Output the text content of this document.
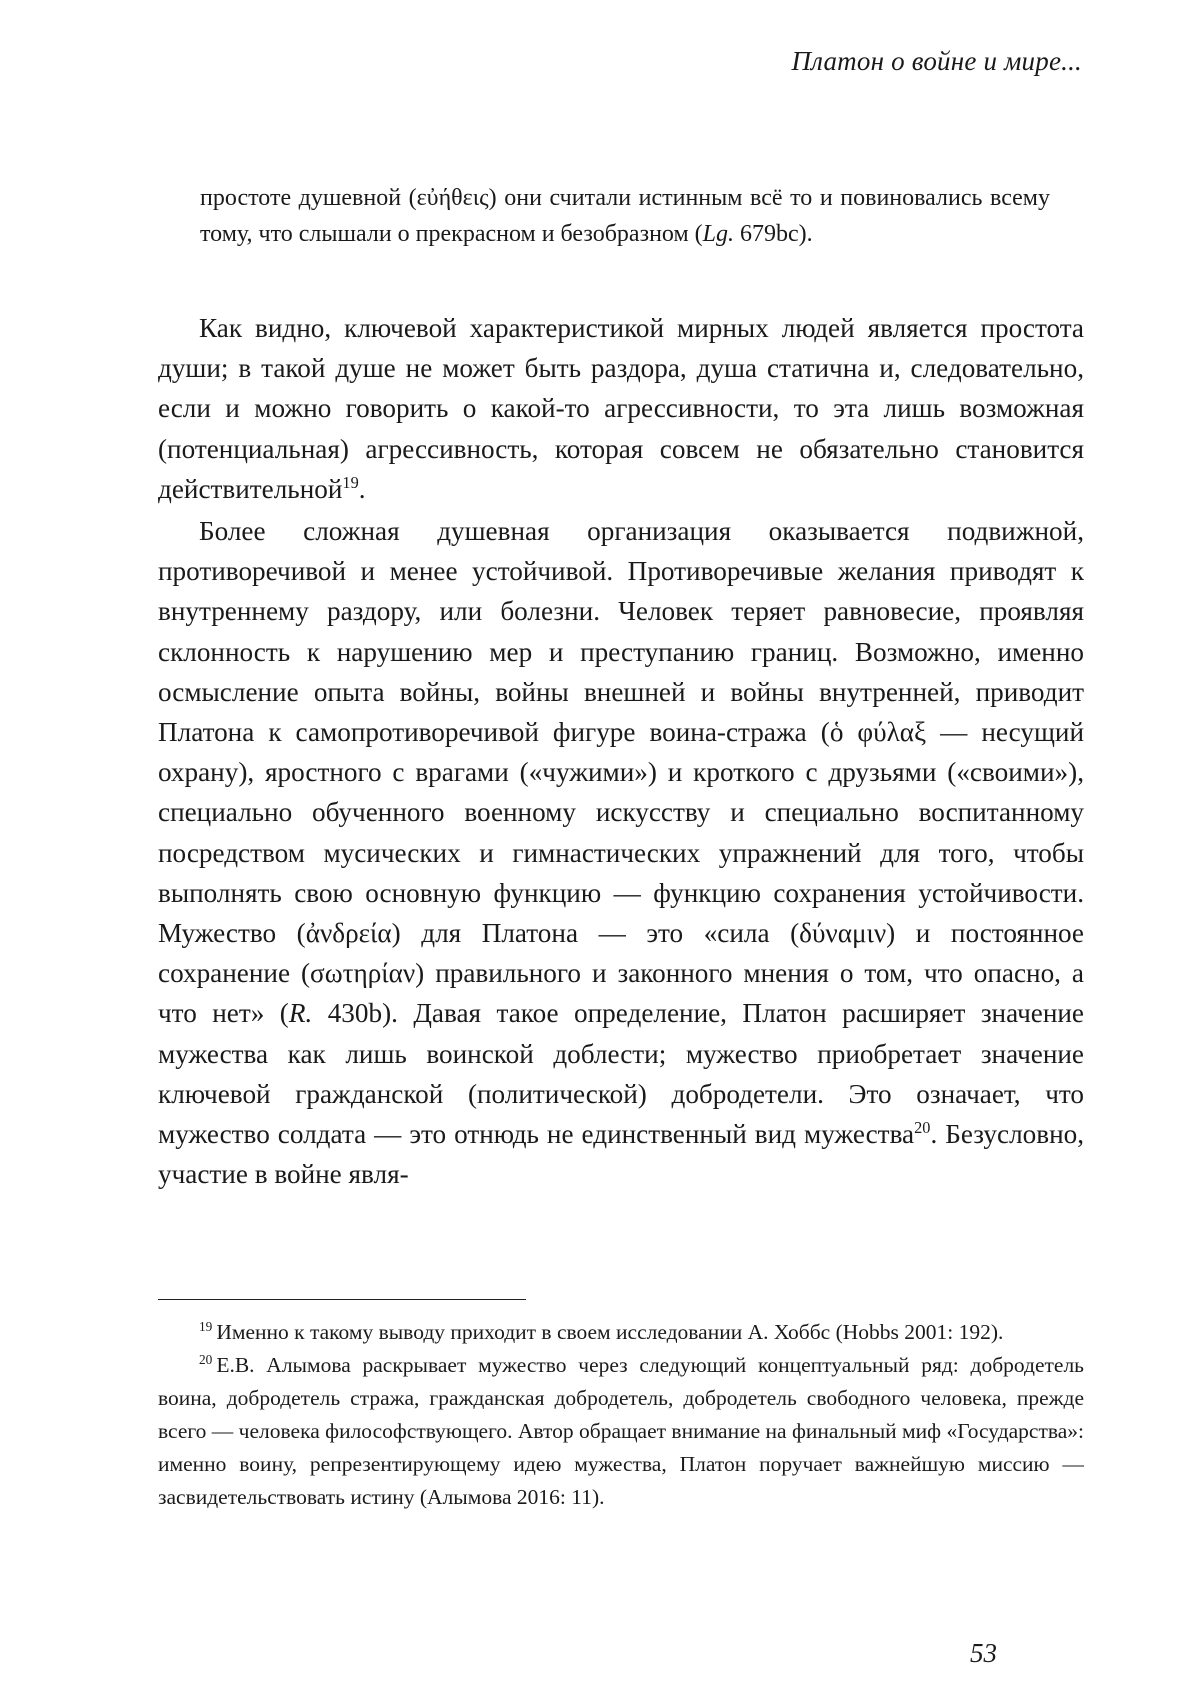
Платон о войне и мире...
простоте душевной (εὐήθεις) они считали истинным всё то и повиновались всему тому, что слышали о прекрасном и безобразном (Lg. 679bc).

Как видно, ключевой характеристикой мирных людей является простота души; в такой душе не может быть раздора, душа статична и, следовательно, если и можно говорить о какой-то агрессивности, то эта лишь возможная (потенциальная) агрессивность, которая совсем не обязательно становится действительной$^{19}$.

Более сложная душевная организация оказывается подвижной, противоречивой и менее устойчивой. Противоречивые желания приводят к внутреннему раздору, или болезни. Человек теряет равновесие, проявляя склонность к нарушению мер и преступанию границ. Возможно, именно осмысление опыта войны, войны внешней и войны внутренней, приводит Платона к самопротиворечивой фигуре воина-стража (ὁ φύλαξ — несущий охрану), яростного с врагами («чужими») и кроткого с друзьями («своими»), специально обученного военному искусству и специально воспитанному посредством мусических и гимнастических упражнений для того, чтобы выполнять свою основную функцию — функцию сохранения устойчивости. Мужество (ἀνδρεία) для Платона — это «сила (δύναμιν) и постоянное сохранение (σωτηρίαν) правильного и законного мнения о том, что опасно, а что нет» (R. 430b). Давая такое определение, Платон расширяет значение мужества как лишь воинской доблести; мужество приобретает значение ключевой гражданской (политической) добродетели. Это означает, что мужество солдата — это отнюдь не единственный вид мужества$^{20}$. Безусловно, участие в войне явля-

$^{19}$ Именно к такому выводу приходит в своем исследовании А. Хоббс (Hobbs 2001: 192).

$^{20}$ Е.В. Алымова раскрывает мужество через следующий концептуальный ряд: добродетель воина, добродетель стража, гражданская добродетель, добродетель свободного человека, прежде всего — человека философствующего. Автор обращает внимание на финальный миф «Государства»: именно воину, репрезентирующему идею мужества, Платон поручает важнейшую миссию — засвидетельствовать истину (Алымова 2016: 11).

53
